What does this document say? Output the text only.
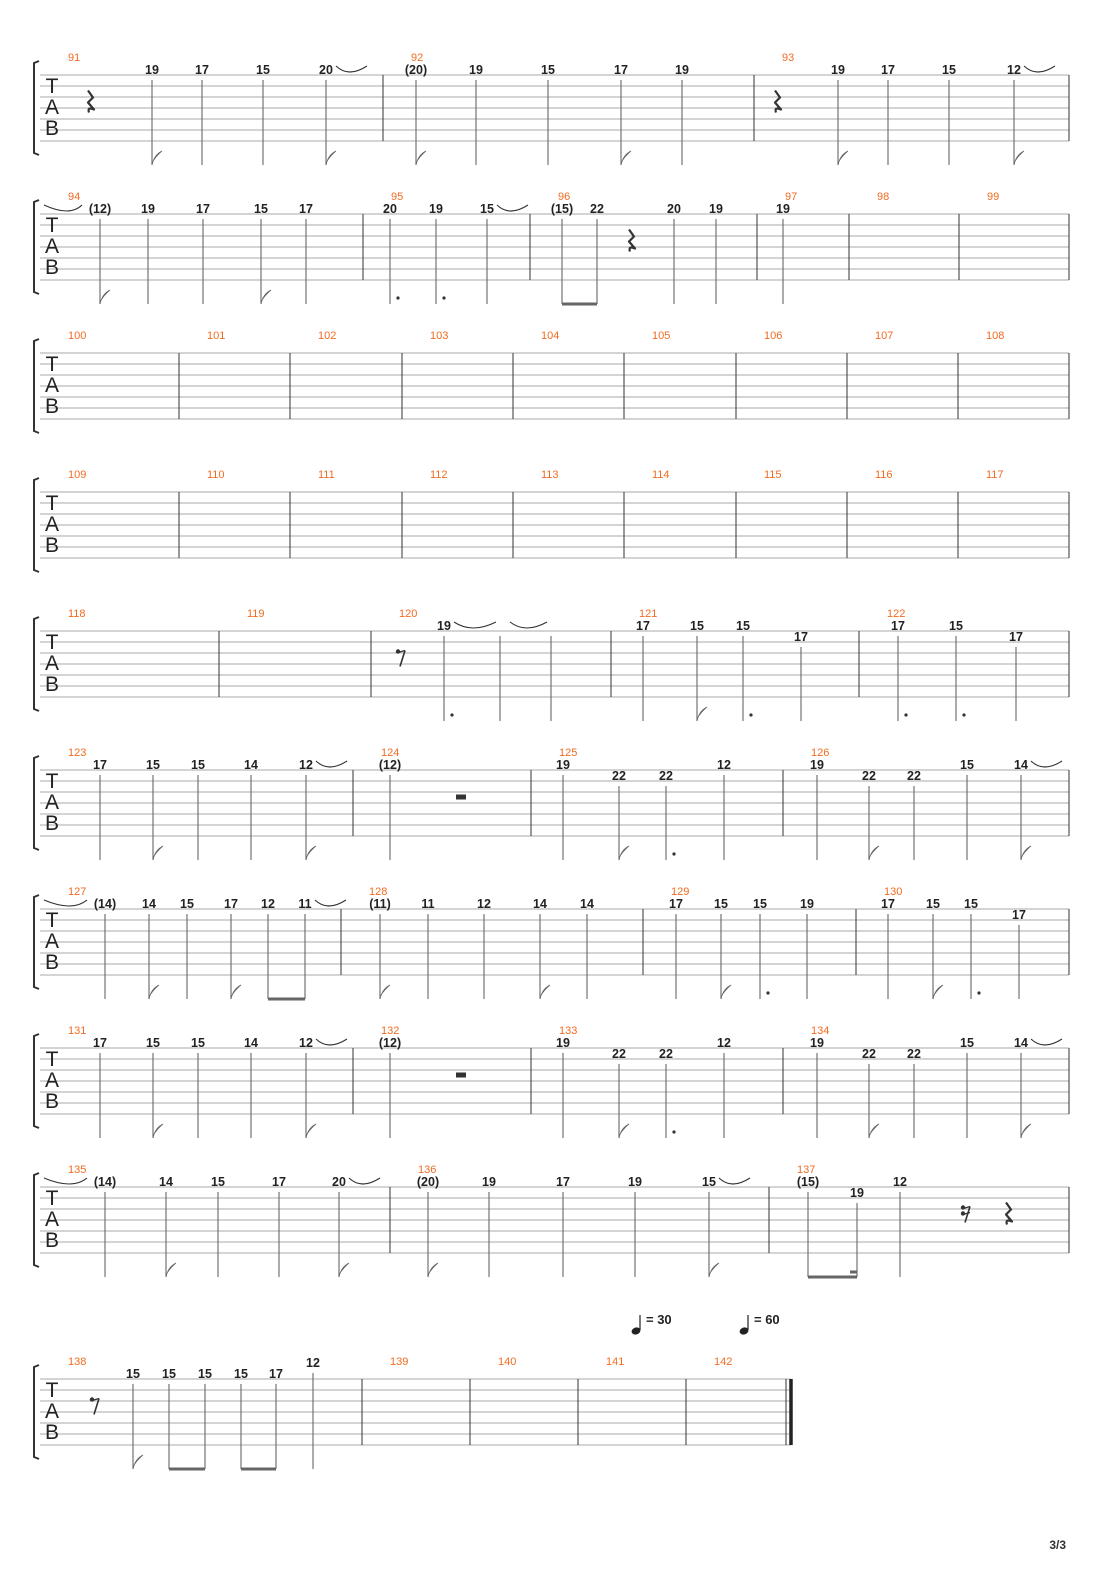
= 30	= 60
T
A
B
91
19	17	15	20
92
(20)	19	15	17	19
93
19	17	15	12
T
A
B
94
(12) 19	17	15 17
95
20	19	15
96
(15) 22	20 19
97
19
98	99
T
A
B
100	101	102	103	104	105	106	107	108
T
A
B
109	110	111	112	113	114	115	116	117
T
A
B
118	119	120
19
121
17	15	15
17
122
17	15
17
T
A
B
123
17	15 15	14	12
124
(12)
125
19
22	22
12
126
19
22 22
15	14
T
A
B
127
(14) 14 15 17 12 11
128
(11) 11	12	14	14
129
17 15 15	19
130
17 15 15
17
T
A
B
131
17	15 15	14	12
132
(12)
133
19
22	22
12
134
19
22 22
15	14
T
A
B
135
(14)	14	15	17	20
136
(20)	19	17	19	15
137
(15)
19
12
T
A
B
138
15 15 15 15 17
12	139	140	141	142
3/3
